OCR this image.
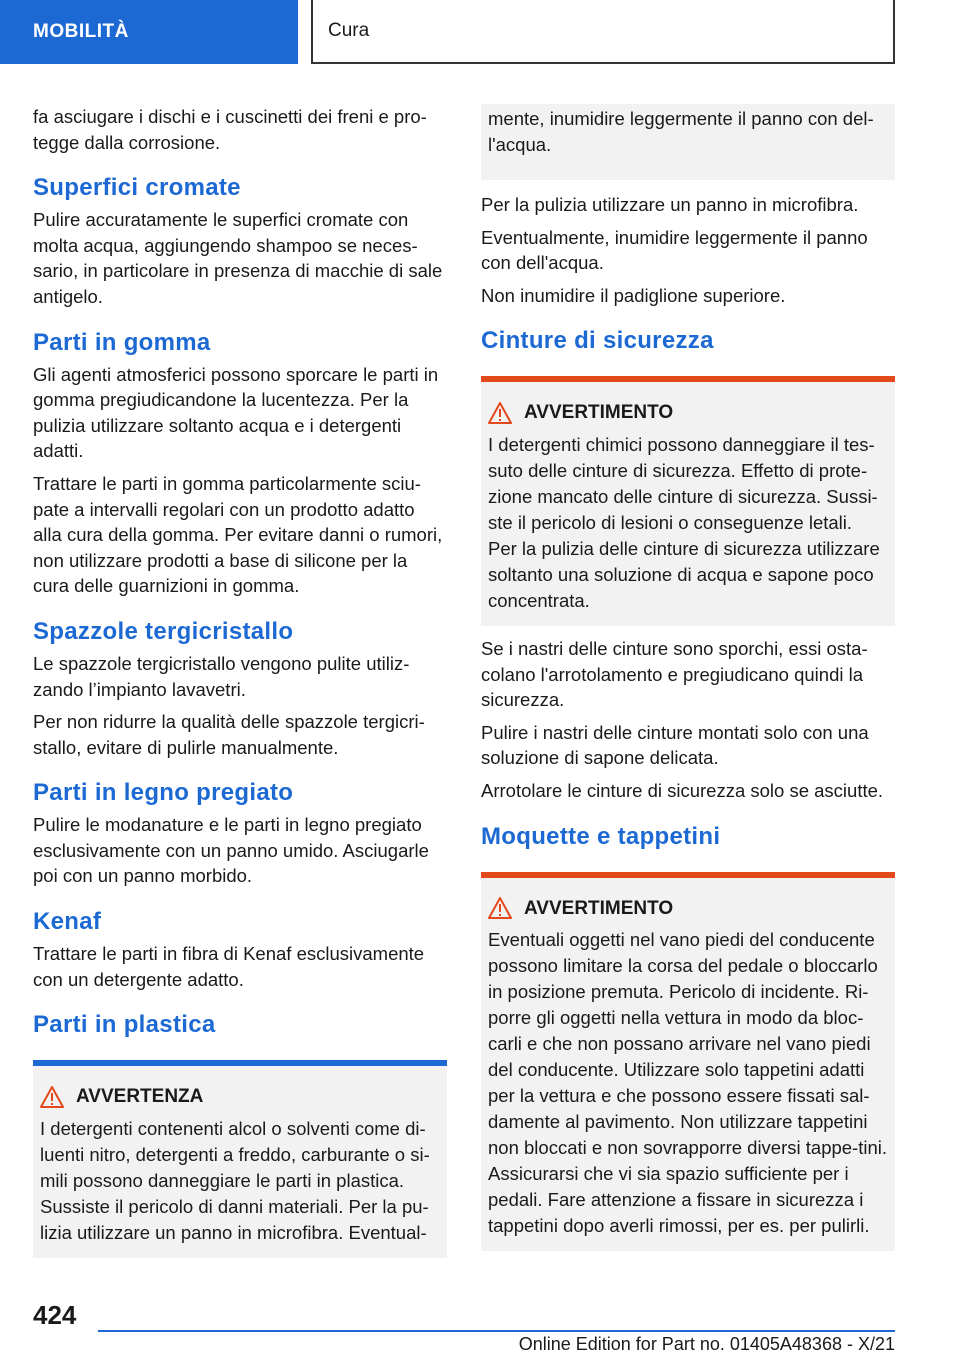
MOBILITÀ	Cura

fa asciugare i dischi e i cuscinetti dei freni e pro-tegge dalla corrosione.

Superfici cromate

Pulire accuratamente le superfici cromate con molta acqua, aggiungendo shampoo se neces-sario, in particolare in presenza di macchie di sale antigelo.

Parti in gomma

Gli agenti atmosferici possono sporcare le parti in gomma pregiudicandone la lucentezza. Per la pulizia utilizzare soltanto acqua e i detergenti adatti.

Trattare le parti in gomma particolarmente sciu-pate a intervalli regolari con un prodotto adatto alla cura della gomma. Per evitare danni o rumori, non utilizzare prodotti a base di silicone per la cura delle guarnizioni in gomma.

Spazzole tergicristallo

Le spazzole tergicristallo vengono pulite utiliz-zando l’impianto lavavetri.

Per non ridurre la qualità delle spazzole tergicri-stallo, evitare di pulirle manualmente.

Parti in legno pregiato

Pulire le modanature e le parti in legno pregiato esclusivamente con un panno umido. Asciugarle poi con un panno morbido.

Kenaf

Trattare le parti in fibra di Kenaf esclusivamente con un detergente adatto.

Parti in plastica
AVVERTENZA

I detergenti contenenti alcol o solventi come di-luenti nitro, detergenti a freddo, carburante o si-mili possono danneggiare le parti in plastica. Sussiste il pericolo di danni materiali. Per la pu-lizia utilizzare un panno in microfibra. Eventual-

mente, inumidire leggermente il panno con del-l'acqua.

Per la pulizia utilizzare un panno in microfibra.

Eventualmente, inumidire leggermente il panno con dell'acqua.

Non inumidire il padiglione superiore.

Cinture di sicurezza
AVVERTIMENTO

I detergenti chimici possono danneggiare il tes-suto delle cinture di sicurezza. Effetto di prote-zione mancato delle cinture di sicurezza. Sussi-ste il pericolo di lesioni o conseguenze letali.

Per la pulizia delle cinture di sicurezza utilizzare soltanto una soluzione di acqua e sapone poco concentrata.

Se i nastri delle cinture sono sporchi, essi osta-colano l'arrotolamento e pregiudicano quindi la sicurezza.

Pulire i nastri delle cinture montati solo con una soluzione di sapone delicata.

Arrotolare le cinture di sicurezza solo se asciutte.

Moquette e tappetini
AVVERTIMENTO

Eventuali oggetti nel vano piedi del conducente possono limitare la corsa del pedale o bloccarlo in posizione premuta. Pericolo di incidente. Ri-porre gli oggetti nella vettura in modo da bloc-carli e che non possano arrivare nel vano piedi del conducente. Utilizzare solo tappetini adatti per la vettura e che possono essere fissati sal-damente al pavimento. Non utilizzare tappetini non bloccati e non sovrapporre diversi tappe-tini. Assicurarsi che vi sia spazio sufficiente per i pedali. Fare attenzione a fissare in sicurezza i tappetini dopo averli rimossi, per es. per pulirli.

424
Online Edition for Part no. 01405A48368 - X/21
